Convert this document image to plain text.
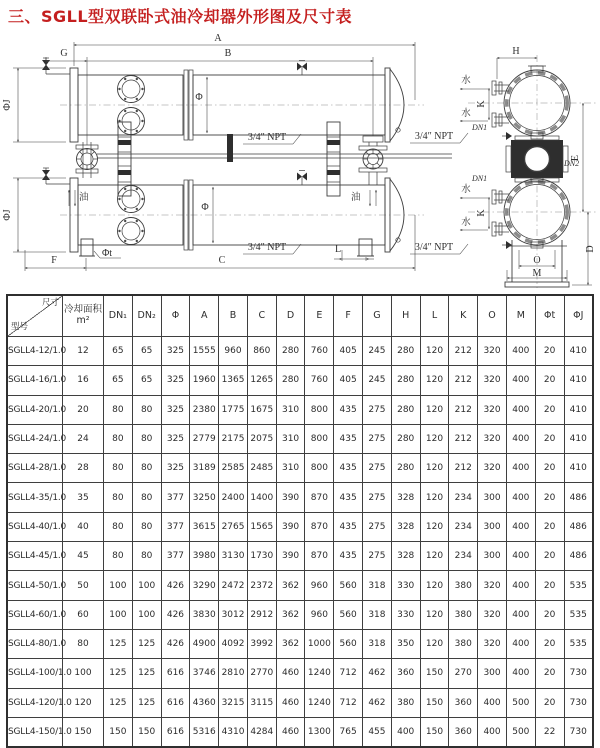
三、SGLL型双联卧式油冷却器外形图及尺寸表
油	油
A
G	B
ΦJ
ΦJ
Φ
Φ
F	C
L
Φt
3/4″ NPT	3/4″ NPT
3/4″ NPT	3/4″ NPT
K
水
水
DN2
DN1
DN1
H
E
D
O
M
尺寸
型号

冷却面积
m²	DN₁	DN₂	Φ	A	B	C	D	E	F	G	H	L	K	O	M	Φt	ΦJ
SGLL4-12/1.0	12	65	65	325	1555	960	860	280	760	405	245	280	120	212	320	400	20	410
SGLL4-16/1.0	16	65	65	325	1960	1365	1265	280	760	405	245	280	120	212	320	400	20	410
SGLL4-20/1.0	20	80	80	325	2380	1775	1675	310	800	435	275	280	120	212	320	400	20	410
SGLL4-24/1.0	24	80	80	325	2779	2175	2075	310	800	435	275	280	120	212	320	400	20	410
SGLL4-28/1.0	28	80	80	325	3189	2585	2485	310	800	435	275	280	120	212	320	400	20	410
SGLL4-35/1.0	35	80	80	377	3250	2400	1400	390	870	435	275	328	120	234	300	400	20	486
SGLL4-40/1.0	40	80	80	377	3615	2765	1565	390	870	435	275	328	120	234	300	400	20	486
SGLL4-45/1.0	45	80	80	377	3980	3130	1730	390	870	435	275	328	120	234	300	400	20	486
SGLL4-50/1.0	50	100	100	426	3290	2472	2372	362	960	560	318	330	120	380	320	400	20	535
SGLL4-60/1.0	60	100	100	426	3830	3012	2912	362	960	560	318	330	120	380	320	400	20	535
SGLL4-80/1.0	80	125	125	426	4900	4092	3992	362	1000	560	318	350	120	380	320	400	20	535
SGLL4-100/1.0	100	125	125	616	3746	2810	2770	460	1240	712	462	360	150	270	300	400	20	730
SGLL4-120/1.0	120	125	125	616	4360	3215	3115	460	1240	712	462	380	150	360	400	500	20	730
SGLL4-150/1.0	150	150	150	616	5316	4310	4284	460	1300	765	455	400	150	360	400	500	22	730
